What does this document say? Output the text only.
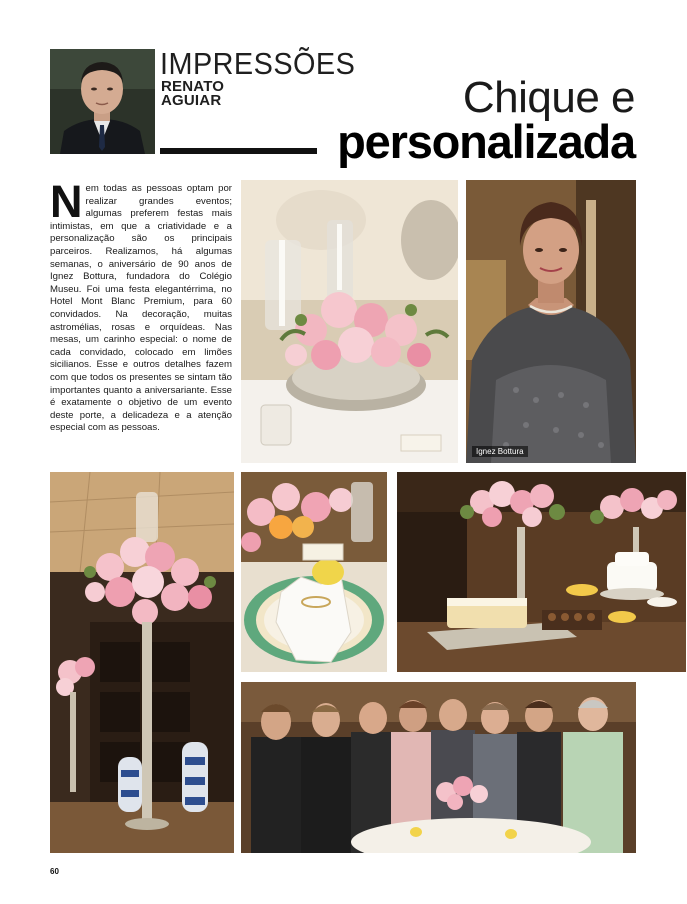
IMPRESSÕES
RENATO AGUIAR	Chique e
personalizada
Nem todas as pessoas optam por realizar grandes eventos; algumas preferem festas mais intimistas, em que a criatividade e a personalização são os principais parceiros. Realizamos, há algumas semanas, o aniversário de 90 anos de Ignez Bottura, fundadora do Colégio Museu. Foi uma festa elegantérrima, no Hotel Mont Blanc Premium, para 60 convidados. Na decoração, muitas astromélias, rosas e orquídeas. Nas mesas, um carinho especial: o nome de cada convidado, colocado em limões sicilianos. Esse e outros detalhes fazem com que todos os presentes se sintam tão importantes quanto a aniversariante. Esse é exatamente o objetivo de um evento deste porte, a delicadeza e a atenção especial com as pessoas.
Ignez Bottura
60
